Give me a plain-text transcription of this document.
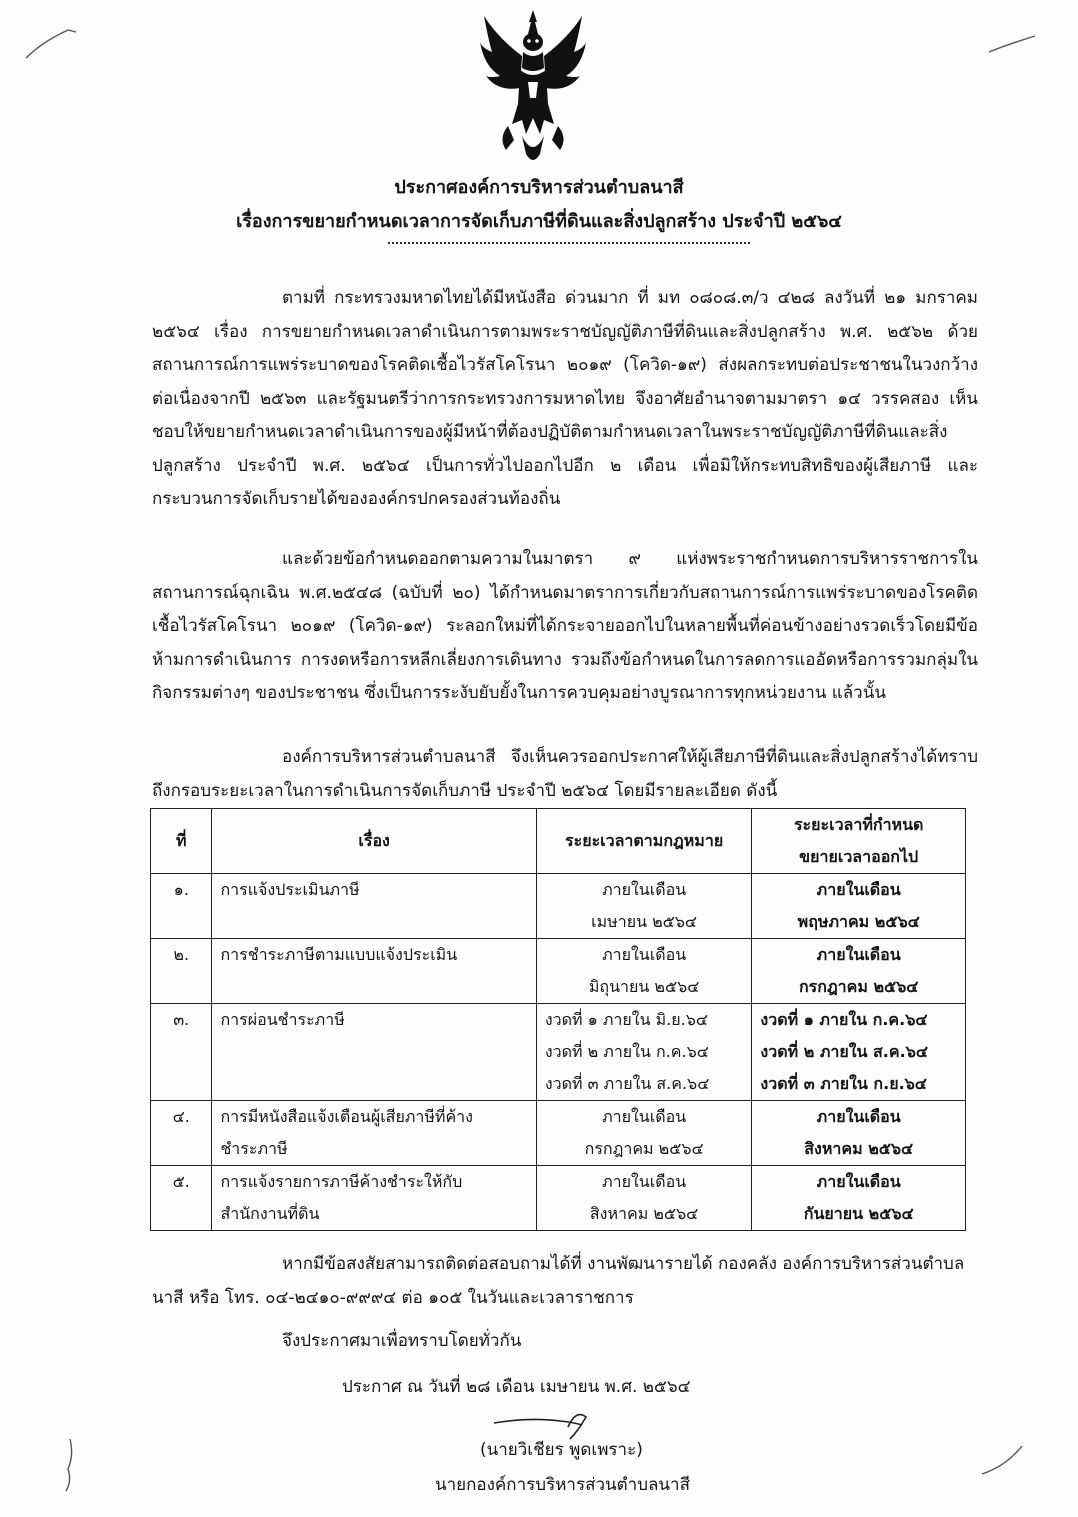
ประกาศองค์การบริหารส่วนตำบลนาสี
เรื่องการขยายกำหนดเวลาการจัดเก็บภาษีที่ดินและสิ่งปลูกสร้าง ประจำปี ๒๕๖๔

ตามที่ กระทรวงมหาดไทยได้มีหนังสือ ด่วนมาก ที่ มท ๐๘๐๘.๓/ว ๔๒๘ ลงวันที่ ๒๑ มกราคม ๒๕๖๔ เรื่อง การขยายกำหนดเวลาดำเนินการตามพระราชบัญญัติภาษีที่ดินและสิ่งปลูกสร้าง พ.ศ. ๒๕๖๒ ด้วยสถานการณ์การแพร่ระบาดของโรคติดเชื้อไวรัสโคโรนา ๒๐๑๙ (โควิด-๑๙) ส่งผลกระทบต่อประชาชนในวงกว้างต่อเนื่องจากปี ๒๕๖๓ และรัฐมนตรีว่าการกระทรวงการมหาดไทย จึงอาศัยอำนาจตามมาตรา ๑๔ วรรคสอง เห็นชอบให้ขยายกำหนดเวลาดำเนินการของผู้มีหน้าที่ต้องปฏิบัติตามกำหนดเวลาในพระราชบัญญัติภาษีที่ดินและสิ่งปลูกสร้าง ประจำปี พ.ศ. ๒๕๖๔ เป็นการทั่วไปออกไปอีก ๒ เดือน เพื่อมิให้กระทบสิทธิของผู้เสียภาษี และกระบวนการจัดเก็บรายได้ขององค์กรปกครองส่วนท้องถิ่น

และด้วยข้อกำหนดออกตามความในมาตรา ๙ แห่งพระราชกำหนดการบริหารราชการในสถานการณ์ฉุกเฉิน พ.ศ.๒๕๔๘ (ฉบับที่ ๒๐) ได้กำหนดมาตราการเกี่ยวกับสถานการณ์การแพร่ระบาดของโรคติดเชื้อไวรัสโคโรนา ๒๐๑๙ (โควิด-๑๙) ระลอกใหม่ที่ได้กระจายออกไปในหลายพื้นที่ค่อนข้างอย่างรวดเร็วโดยมีข้อห้ามการดำเนินการ การงดหรือการหลีกเลี่ยงการเดินทาง รวมถึงข้อกำหนดในการลดการแออัดหรือการรวมกลุ่มในกิจกรรมต่างๆ ของประชาชน ซึ่งเป็นการระงับยับยั้งในการควบคุมอย่างบูรณาการทุกหน่วยงาน แล้วนั้น

องค์การบริหารส่วนตำบลนาสี จึงเห็นควรออกประกาศให้ผู้เสียภาษีที่ดินและสิ่งปลูกสร้างได้ทราบถึงกรอบระยะเวลาในการดำเนินการจัดเก็บภาษี ประจำปี ๒๕๖๔ โดยมีรายละเอียด ดังนี้

ที่	เรื่อง	ระยะเวลาตามกฎหมาย	ระยะเวลาที่กำหนด
ขยายเวลาออกไป

๑.	การแจ้งประเมินภาษี	ภายในเดือน
เมษายน ๒๕๖๔	ภายในเดือน
พฤษภาคม ๒๕๖๔

๒.	การชำระภาษีตามแบบแจ้งประเมิน	ภายในเดือน
มิถุนายน ๒๕๖๔	ภายในเดือน
กรกฎาคม ๒๕๖๔

๓.	การผ่อนชำระภาษี	งวดที่ ๑ ภายใน มิ.ย.๖๔
งวดที่ ๒ ภายใน ก.ค.๖๔
งวดที่ ๓ ภายใน ส.ค.๖๔	งวดที่ ๑ ภายใน ก.ค.๖๔
งวดที่ ๒ ภายใน ส.ค.๖๔
งวดที่ ๓ ภายใน ก.ย.๖๔

๔.	การมีหนังสือแจ้งเตือนผู้เสียภาษีที่ค้าง
ชำระภาษี	ภายในเดือน
กรกฎาคม ๒๕๖๔	ภายในเดือน
สิงหาคม ๒๕๖๔

๕.	การแจ้งรายการภาษีค้างชำระให้กับ
สำนักงานที่ดิน	ภายในเดือน
สิงหาคม ๒๕๖๔	ภายในเดือน
กันยายน ๒๕๖๔

หากมีข้อสงสัยสามารถติดต่อสอบถามได้ที่ งานพัฒนารายได้ กองคลัง องค์การบริหารส่วนตำบลนาสี หรือ โทร. ๐๔-๒๔๑๐-๙๙๙๔ ต่อ ๑๐๕ ในวันและเวลาราชการ

จึงประกาศมาเพื่อทราบโดยทั่วกัน
ประกาศ ณ วันที่ ๒๘ เดือน เมษายน พ.ศ. ๒๕๖๔
(นายวิเชียร พูดเพราะ)
นายกองค์การบริหารส่วนตำบลนาสี
